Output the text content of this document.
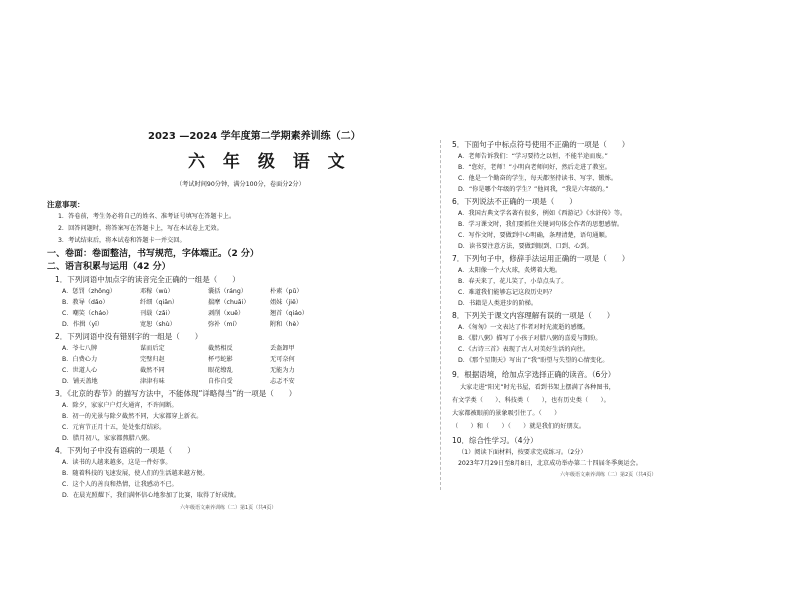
2023 —2024 学年度第二学期素养训练（二）
六 年 级 语 文
（考试时间90分钟，满分100分，卷面分2分）
注意事项：
1．答卷前，考生务必将自己的姓名、准考证号填写在答题卡上。
2．回答问题时，将答案写在答题卡上，写在本试卷上无效。
3．考试结束后，将本试卷和答题卡一并交回。
一、卷面：卷面整洁，书写规范，字体端正。（2 分）
二、语言积累与运用（42 分）
1．下列词语中加点字的读音完全正确的一组是（　　）
A．惩罚（zhōng）	邓稼（wù）	囊括（ráng）	朴素（pǔ）
B．教导（dǎo）	纤细（qiān）	揣摩（chuǎi）	姐妹（jiě）
C．嘲笑（cháo）	刊载（zǎi）	剥削（xuē）	翘首（qiáo）
D．作揖（yī）	宽恕（shù）	弥补（mí）	附和（hè）
2．下列词语中没有错别字的一组是（　　）
A．爷七八牌	谋而后定	截然相反	丢盔卸甲
B．白费心力	完璧归赵	杯弓蛇影	无可奈何
C．世道人心	截然不同	眼花缭乱	无能为力
D．铺天盖地	津津有味	自作自受	忐忑不安
3．《北京的春节》的描写方法中，不能体现“详略得当”的一项是（　　）
A．除夕，家家户户灯火通宵，不许间断。
B．初一的光景与除夕截然不同，大家都穿上新衣。
C．元宵节正月十五，处处张灯结彩。
D．腊月初八，家家都熬腊八粥。
4．下列句子中没有语病的一项是（　　）
A．读书的人越来越多，这是一件好事。
B．随着科技的飞速发展，使人们的生活越来越方便。
C．这个人的善良和热情，让我感动不已。
D．在晨光照耀下，我们满怀信心地参加了比赛，取得了好成绩。
六年级语文素养训练（二）第1页（共4页）
5．下面句子中标点符号使用不正确的一项是（　　）
A．老师告诉我们：“学习要持之以恒，不能半途而废。”
B．“您好，老师！”小明向老师问好，然后走进了教室。
C．他是一个勤奋的学生，每天都坚持读书、写字、锻炼。
D．“你是哪个年级的学生？”他问我，“我是六年级的。”
6．下列说法不正确的一项是（　　）
A．我国古典文学名著有很多，例如《西游记》《水浒传》等。
B．学习课文时，我们要抓住关键词句体会作者的思想感情。
C．写作文时，要做到中心明确，条理清楚，语句通顺。
D．读书要注意方法，要做到眼到、口到、心到。
7．下列句子中，修辞手法运用正确的一项是（　　）
A．太阳像一个大火球，炙烤着大地。
B．春天来了，花儿笑了，小草点头了。
C．难道我们能够忘记这段历史吗？
D．书籍是人类进步的阶梯。
8．下列关于课文内容理解有误的一项是（　　）
A．《匆匆》一文表达了作者对时光流逝的感慨。
B．《腊八粥》描写了小孩子对腊八粥的喜爱与期盼。
C．《古诗三首》表现了古人对美好生活的向往。
D．《那个星期天》写出了“我”盼望与失望的心情变化。
9．根据语境，给加点字选择正确的读音。（6分）
大家走进“阳光”时光书屋，看到书架上摆满了各种图书，
有文学类（　　）、科技类（　　），也有历史类（　　）。
大家都被眼前的景象吸引住了。（　　）
（　　）和（　　）（　　）就是我们的好朋友。
10．综合性学习。（4分）
（1）阅读下面材料，按要求完成练习。（2分）
2023年7月29日至8月8日，北京成功举办第二十四届冬季奥运会。
六年级语文素养训练（二）第2页（共4页）
